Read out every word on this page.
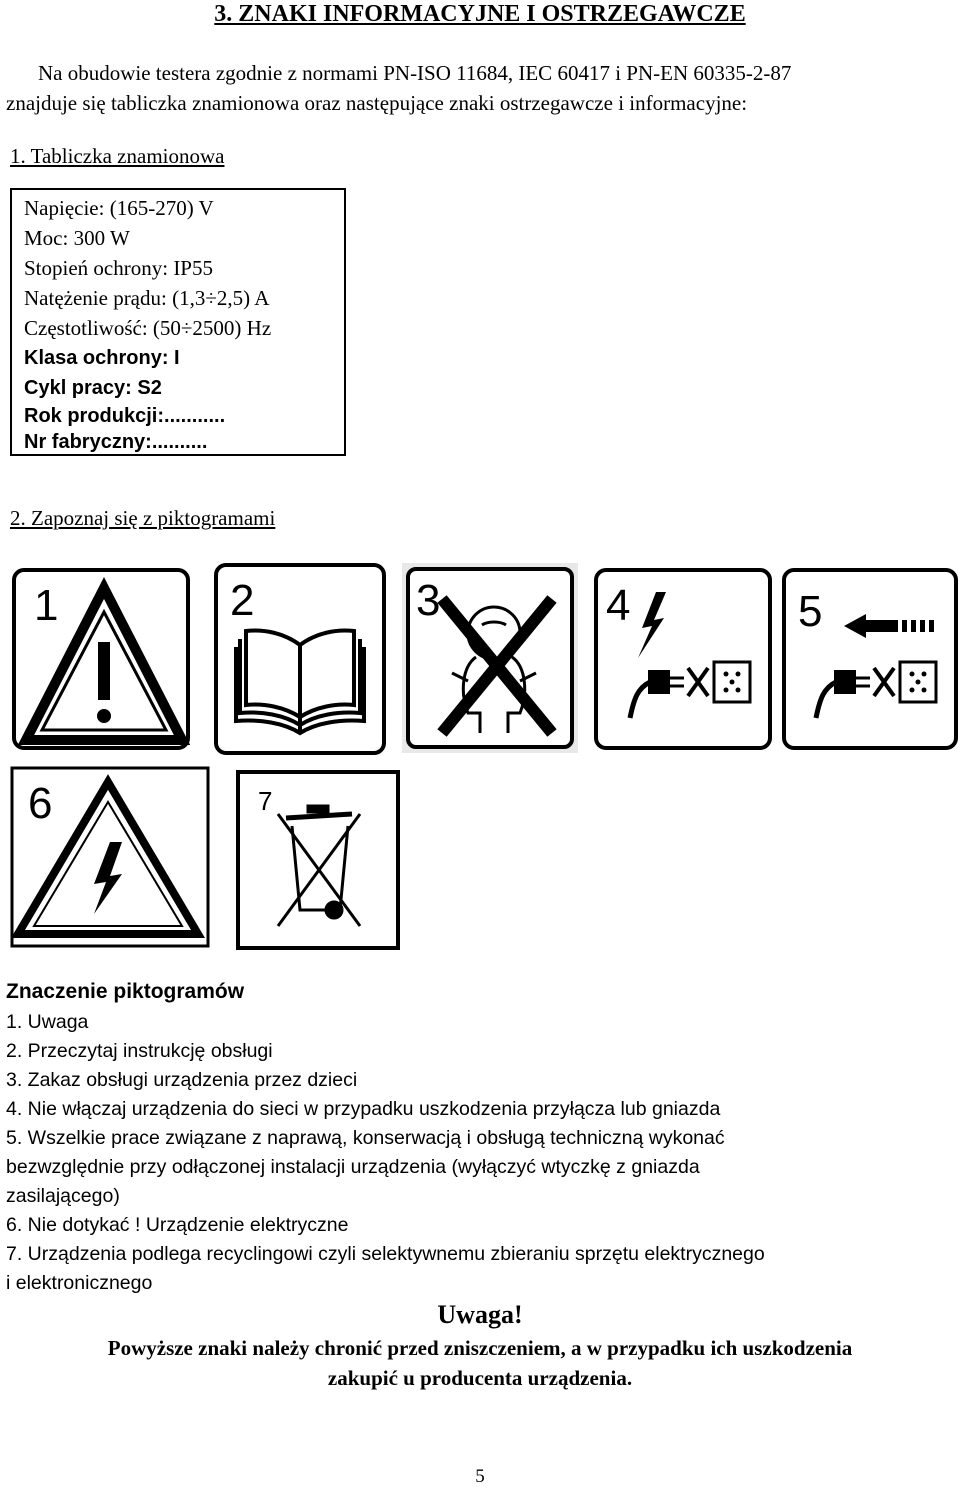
3. ZNAKI INFORMACYJNE I OSTRZEGAWCZE
Na obudowie testera zgodnie z normami PN-ISO 11684, IEC 60417 i PN-EN 60335-2-87
znajduje się tabliczka znamionowa oraz następujące znaki ostrzegawcze i informacyjne:
1. Tabliczka znamionowa
Napięcie: (165-270) V
Moc: 300 W
Stopień ochrony: IP55
Natężenie prądu: (1,3÷2,5) A
Częstotliwość: (50÷2500) Hz
Klasa ochrony: I
Cykl pracy: S2
Rok produkcji:...........
Nr fabryczny:..........
2. Zapoznaj się z piktogramami
1	2	3	4	5
6	7
Znaczenie piktogramów
1. Uwaga
2. Przeczytaj instrukcję obsługi
3. Zakaz obsługi urządzenia przez dzieci
4. Nie włączaj urządzenia do sieci w przypadku uszkodzenia przyłącza lub gniazda
5. Wszelkie prace związane z naprawą, konserwacją i obsługą techniczną wykonać
bezwzględnie przy odłączonej instalacji urządzenia (wyłączyć wtyczkę z gniazda
zasilającego)
6. Nie dotykać ! Urządzenie elektryczne
7. Urządzenia podlega recyclingowi czyli selektywnemu zbieraniu sprzętu elektrycznego
i elektronicznego
Uwaga!
Powyższe znaki należy chronić przed zniszczeniem, a w przypadku ich uszkodzenia
zakupić u producenta urządzenia.
5
